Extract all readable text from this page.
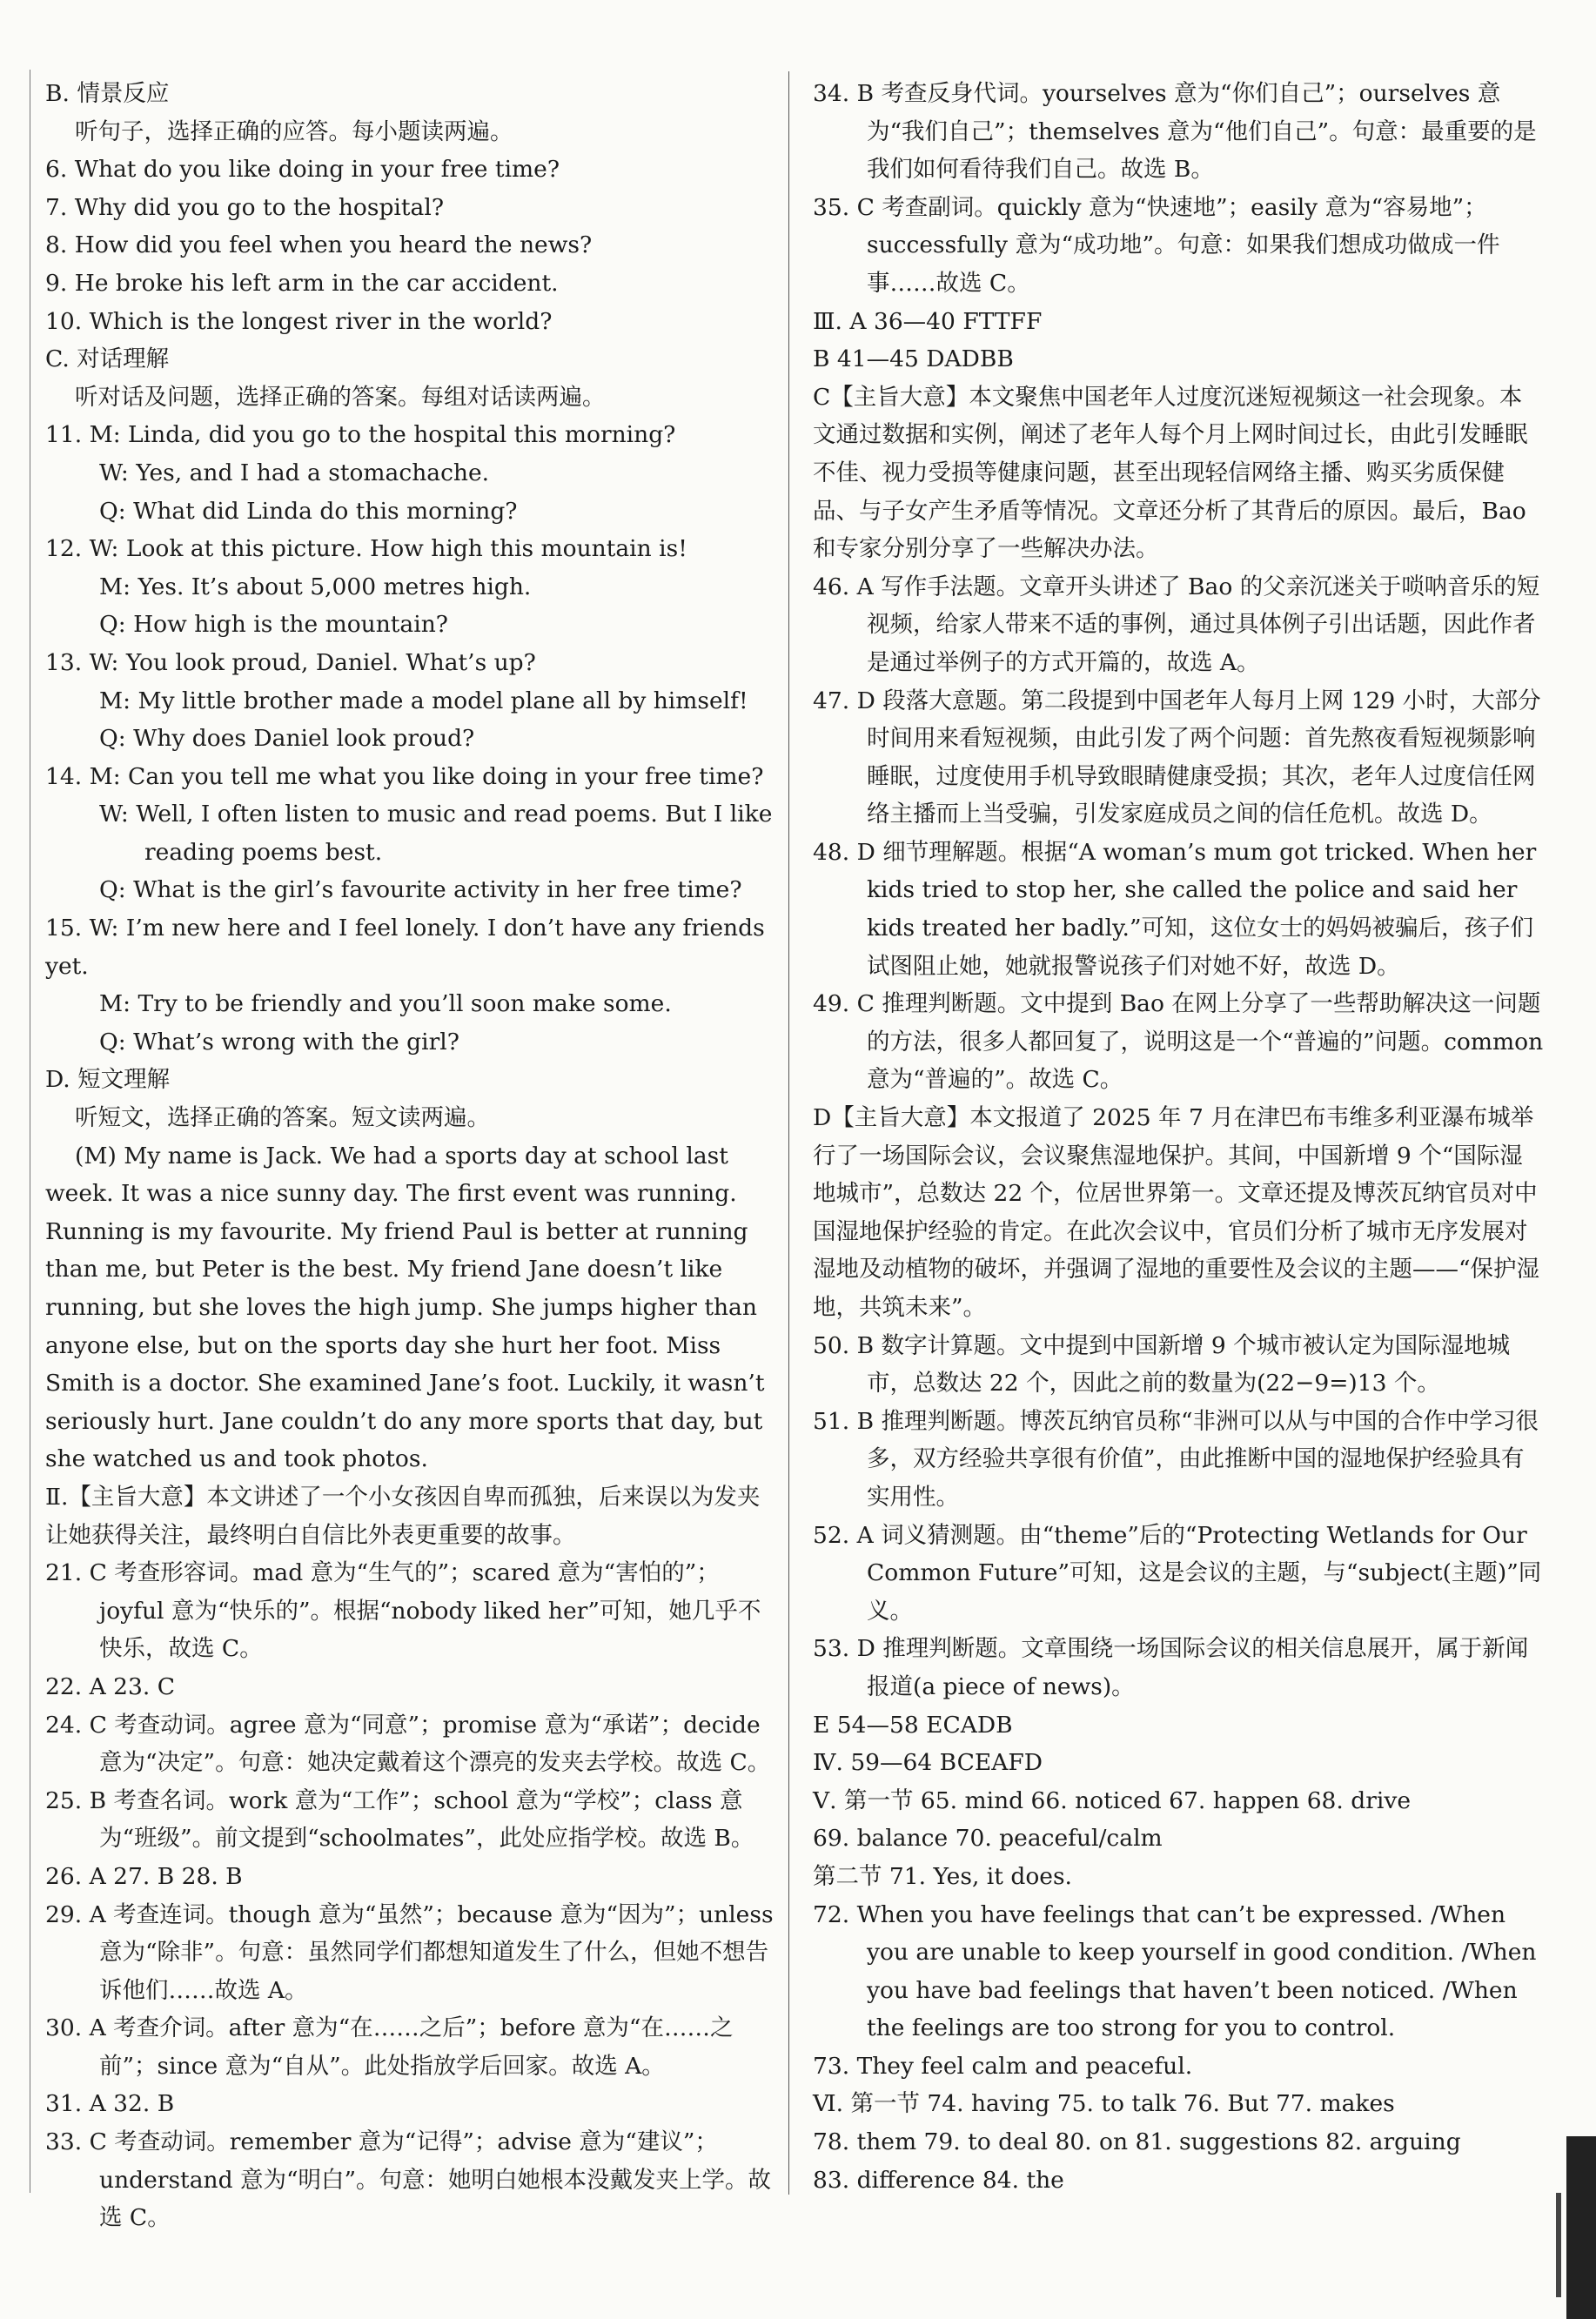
B. 情景反应

听句子，选择正确的应答。每小题读两遍。

6. What do you like doing in your free time?

7. Why did you go to the hospital?

8. How did you feel when you heard the news?

9. He broke his left arm in the car accident.

10. Which is the longest river in the world?

C. 对话理解

听对话及问题，选择正确的答案。每组对话读两遍。

11. M: Linda, did you go to the hospital this morning?

W: Yes, and I had a stomachache.

Q: What did Linda do this morning?

12. W: Look at this picture. How high this mountain is!

M: Yes. It’s about 5,000 metres high.

Q: How high is the mountain?

13. W: You look proud, Daniel. What’s up?

M: My little brother made a model plane all by himself!

Q: Why does Daniel look proud?

14. M: Can you tell me what you like doing in your free time?

W: Well, I often listen to music and read poems. But I like reading poems best.

Q: What is the girl’s favourite activity in her free time?

15. W: I’m new here and I feel lonely. I don’t have any friends yet.

M: Try to be friendly and you’ll soon make some.

Q: What’s wrong with the girl?

D. 短文理解

听短文，选择正确的答案。短文读两遍。

(M) My name is Jack. We had a sports day at school last week. It was a nice sunny day. The first event was running. Running is my favourite. My friend Paul is better at running than me, but Peter is the best. My friend Jane doesn’t like running, but she loves the high jump. She jumps higher than anyone else, but on the sports day she hurt her foot. Miss Smith is a doctor. She examined Jane’s foot. Luckily, it wasn’t seriously hurt. Jane couldn’t do any more sports that day, but she watched us and took photos.

Ⅱ.【主旨大意】本文讲述了一个小女孩因自卑而孤独，后来误以为发夹让她获得关注，最终明白自信比外表更重要的故事。

21. C 考查形容词。mad 意为“生气的”；scared 意为“害怕的”；joyful 意为“快乐的”。根据“nobody liked her”可知，她几乎不快乐，故选 C。

22. A 23. C

24. C 考查动词。agree 意为“同意”；promise 意为“承诺”；decide 意为“决定”。句意：她决定戴着这个漂亮的发夹去学校。故选 C。

25. B 考查名词。work 意为“工作”；school 意为“学校”；class 意为“班级”。前文提到“schoolmates”，此处应指学校。故选 B。

26. A 27. B 28. B

29. A 考查连词。though 意为“虽然”；because 意为“因为”；unless 意为“除非”。句意：虽然同学们都想知道发生了什么，但她不想告诉他们……故选 A。

30. A 考查介词。after 意为“在……之后”；before 意为“在……之前”；since 意为“自从”。此处指放学后回家。故选 A。

31. A 32. B

33. C 考查动词。remember 意为“记得”；advise 意为“建议”；understand 意为“明白”。句意：她明白她根本没戴发夹上学。故选 C。

34. B 考查反身代词。yourselves 意为“你们自己”；ourselves 意为“我们自己”；themselves 意为“他们自己”。句意：最重要的是我们如何看待我们自己。故选 B。

35. C 考查副词。quickly 意为“快速地”；easily 意为“容易地”；successfully 意为“成功地”。句意：如果我们想成功做成一件事……故选 C。

Ⅲ. A 36—40 FTTFF

B 41—45 DADBB

C【主旨大意】本文聚焦中国老年人过度沉迷短视频这一社会现象。本文通过数据和实例，阐述了老年人每个月上网时间过长，由此引发睡眠不佳、视力受损等健康问题，甚至出现轻信网络主播、购买劣质保健品、与子女产生矛盾等情况。文章还分析了其背后的原因。最后，Bao 和专家分别分享了一些解决办法。

46. A 写作手法题。文章开头讲述了 Bao 的父亲沉迷关于唢呐音乐的短视频，给家人带来不适的事例，通过具体例子引出话题，因此作者是通过举例子的方式开篇的，故选 A。

47. D 段落大意题。第二段提到中国老年人每月上网 129 小时，大部分时间用来看短视频，由此引发了两个问题：首先熬夜看短视频影响睡眠，过度使用手机导致眼睛健康受损；其次，老年人过度信任网络主播而上当受骗，引发家庭成员之间的信任危机。故选 D。

48. D 细节理解题。根据“A woman’s mum got tricked. When her kids tried to stop her, she called the police and said her kids treated her badly.”可知，这位女士的妈妈被骗后，孩子们试图阻止她，她就报警说孩子们对她不好，故选 D。

49. C 推理判断题。文中提到 Bao 在网上分享了一些帮助解决这一问题的方法，很多人都回复了，说明这是一个“普遍的”问题。common 意为“普遍的”。故选 C。

D【主旨大意】本文报道了 2025 年 7 月在津巴布韦维多利亚瀑布城举行了一场国际会议，会议聚焦湿地保护。其间，中国新增 9 个“国际湿地城市”，总数达 22 个，位居世界第一。文章还提及博茨瓦纳官员对中国湿地保护经验的肯定。在此次会议中，官员们分析了城市无序发展对湿地及动植物的破坏，并强调了湿地的重要性及会议的主题——“保护湿地，共筑未来”。

50. B 数字计算题。文中提到中国新增 9 个城市被认定为国际湿地城市，总数达 22 个，因此之前的数量为(22−9=)13 个。

51. B 推理判断题。博茨瓦纳官员称“非洲可以从与中国的合作中学习很多，双方经验共享很有价值”，由此推断中国的湿地保护经验具有实用性。

52. A 词义猜测题。由“theme”后的“Protecting Wetlands for Our Common Future”可知，这是会议的主题，与“subject(主题)”同义。

53. D 推理判断题。文章围绕一场国际会议的相关信息展开，属于新闻报道(a piece of news)。

E 54—58 ECADB

Ⅳ. 59—64 BCEAFD

Ⅴ. 第一节 65. mind 66. noticed 67. happen 68. drive

69. balance 70. peaceful/calm

第二节 71. Yes, it does.

72. When you have feelings that can’t be expressed. /When you are unable to keep yourself in good condition. /When you have bad feelings that haven’t been noticed. /When the feelings are too strong for you to control.

73. They feel calm and peaceful.

Ⅵ. 第一节 74. having 75. to talk 76. But 77. makes

78. them 79. to deal 80. on 81. suggestions 82. arguing

83. difference 84. the
